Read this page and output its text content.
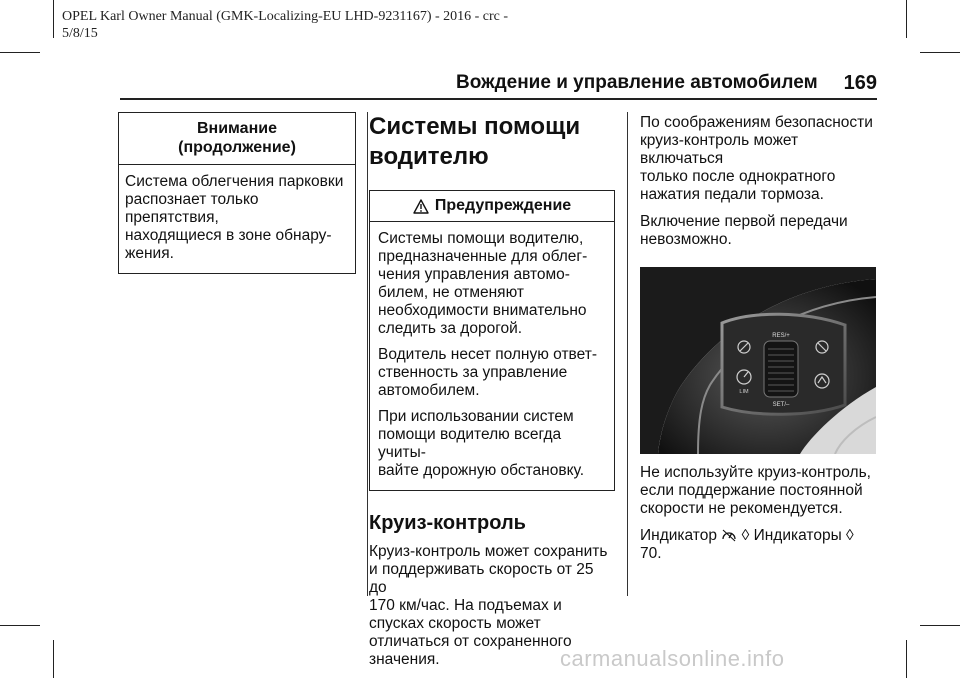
OPEL Karl Owner Manual (GMK-Localizing-EU LHD-9231167) - 2016 - crc -
5/8/15
Вождение и управление автомобилем 169
Внимание
(продолжение)

Система облегчения парковки

распознает только препятствия,

находящиеся в зоне обнару-

жения.

Системы помощи
водителю
Предупреждение
Системы помощи водителю,
предназначенные для облег-
чения управления автомо-
билем, не отменяют
необходимости внимательно
следить за дорогой.
Водитель несет полную ответ-
ственность за управление
автомобилем.
При использовании систем
помощи водителю всегда учиты-
вайте дорожную обстановку.
Круиз-контроль
Круиз-контроль может сохранить
и поддерживать скорость от 25 до
170 км/час. На подъемах и
спусках скорость может
отличаться от сохраненного
значения.
По соображениям безопасности
круиз-контроль может включаться
только после однократного
нажатия педали тормоза.
Включение первой передачи
невозможно.
RES/+
SET/–
LIM
Не используйте круиз-контроль,
если поддержание постоянной
скорости не рекомендуется.
Индикатор ◊ Индикаторы ◊ 70.
carmanualsonline.info
